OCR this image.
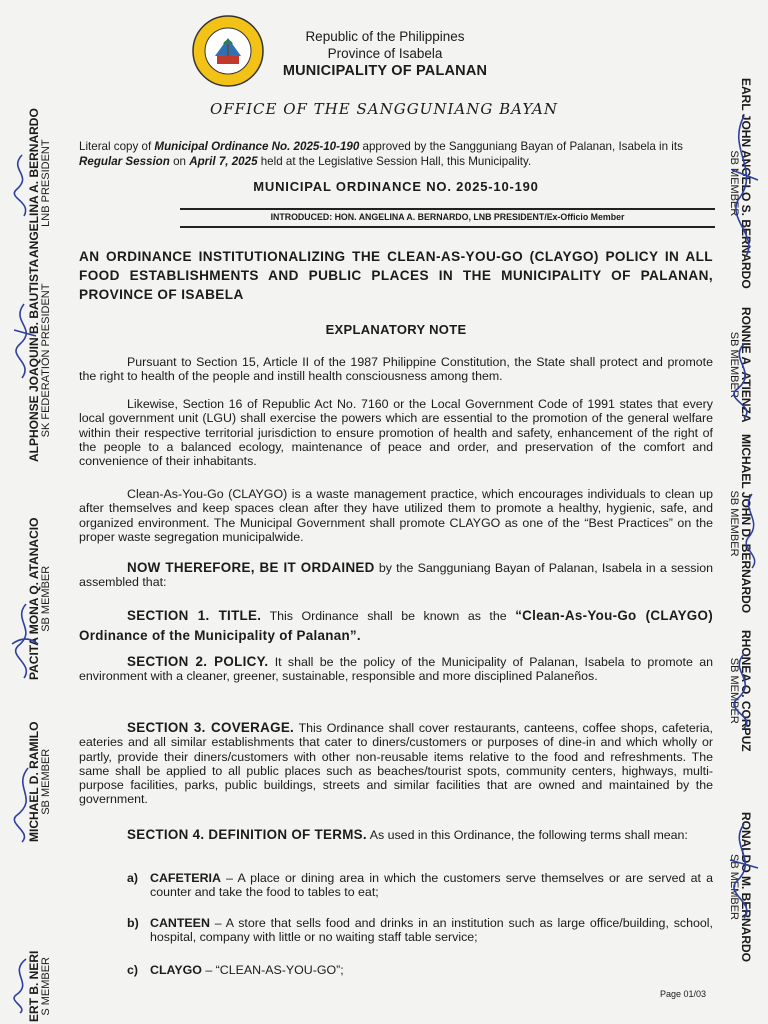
Republic of the Philippines
Province of Isabela
MUNICIPALITY OF PALANAN
OFFICE OF THE SANGGUNIANG BAYAN
Literal copy of Municipal Ordinance No. 2025-10-190 approved by the Sangguniang Bayan of Palanan, Isabela in its Regular Session on April 7, 2025 held at the Legislative Session Hall, this Municipality.
MUNICIPAL ORDINANCE NO. 2025-10-190
INTRODUCED: HON. ANGELINA A. BERNARDO, LNB PRESIDENT/Ex-Officio Member
AN ORDINANCE INSTITUTIONALIZING THE CLEAN-AS-YOU-GO (CLAYGO) POLICY IN ALL FOOD ESTABLISHMENTS AND PUBLIC PLACES IN THE MUNICIPALITY OF PALANAN, PROVINCE OF ISABELA
EXPLANATORY NOTE
Pursuant to Section 15, Article II of the 1987 Philippine Constitution, the State shall protect and promote the right to health of the people and instill health consciousness among them.
Likewise, Section 16 of Republic Act No. 7160 or the Local Government Code of 1991 states that every local government unit (LGU) shall exercise the powers which are essential to the promotion of the general welfare within their respective territorial jurisdiction to ensure promotion of health and safety, enhancement of the right of the people to a balanced ecology, maintenance of peace and order, and preservation of the comfort and convenience of their inhabitants.
Clean-As-You-Go (CLAYGO) is a waste management practice, which encourages individuals to clean up after themselves and keep spaces clean after they have utilized them to promote a healthy, hygienic, safe, and organized environment. The Municipal Government shall promote CLAYGO as one of the “Best Practices” on the proper waste segregation municipalwide.
NOW THEREFORE, BE IT ORDAINED by the Sangguniang Bayan of Palanan, Isabela in a session assembled that:
SECTION 1. TITLE. This Ordinance shall be known as the “Clean-As-You-Go (CLAYGO) Ordinance of the Municipality of Palanan”.
SECTION 2. POLICY. It shall be the policy of the Municipality of Palanan, Isabela to promote an environment with a cleaner, greener, sustainable, responsible and more disciplined Palaneños.
SECTION 3. COVERAGE. This Ordinance shall cover restaurants, canteens, coffee shops, cafeteria, eateries and all similar establishments that cater to diners/customers or purposes of dine-in and which wholly or partly, provide their diners/customers with other non-reusable items relative to the food and refreshments. The same shall be applied to all public places such as beaches/tourist spots, community centers, highways, multi-purpose facilities, parks, public buildings, streets and similar facilities that are owned and maintained by the government.
SECTION 4. DEFINITION OF TERMS. As used in this Ordinance, the following terms shall mean:
a) CAFETERIA – A place or dining area in which the customers serve themselves or are served at a counter and take the food to tables to eat;
b) CANTEEN – A store that sells food and drinks in an institution such as large office/building, school, hospital, company with little or no waiting staff table service;
c) CLAYGO – “CLEAN-AS-YOU-GO”;
Page 01/03
ANGELINA A. BERNARDO LNB PRESIDENT
ALPHONSE JOAQUIN B. BAUTISTA SK FEDERATION PRESIDENT
PACITA MONA Q. ATANACIO SB MEMBER
MICHAEL D. RAMILO SB MEMBER
ERT B. NERI S MEMBER
EARL JOHN ANGELO S. BERNARDO
SB MEMBER
RONNIE A. ATIENZA
SB MEMBER
MICHAEL JOHN D. BERNARDO
SB MEMBER
RHONEA O. CORPUZ
SB MEMBER
RONALDO M. BERNARDO
SB MEMBER
